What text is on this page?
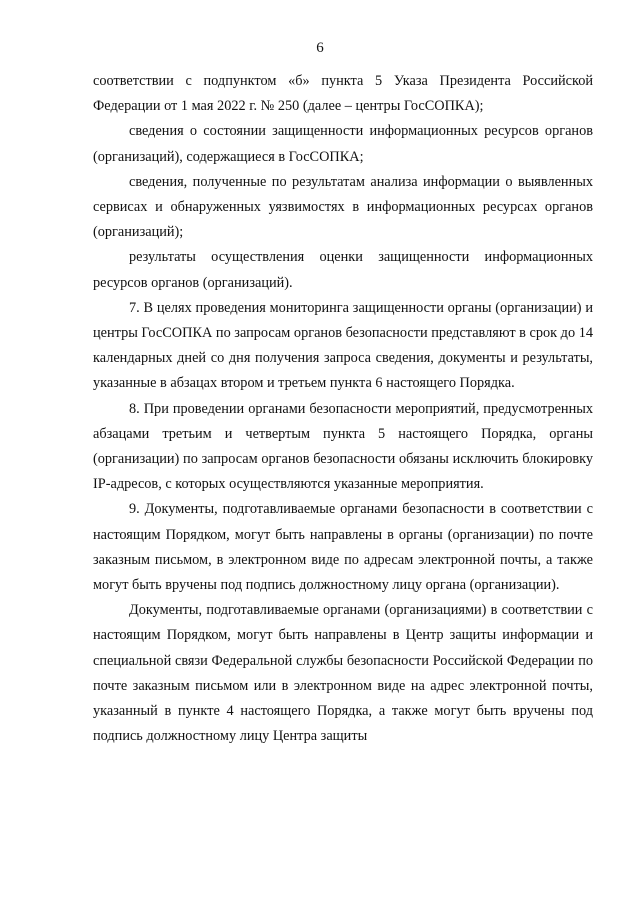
6

соответствии с подпунктом «б» пункта 5 Указа Президента Российской Федерации от 1 мая 2022 г. № 250 (далее – центры ГосСОПКА);

сведения о состоянии защищенности информационных ресурсов органов (организаций), содержащиеся в ГосСОПКА;

сведения, полученные по результатам анализа информации о выявленных сервисах и обнаруженных уязвимостях в информационных ресурсах органов (организаций);

результаты осуществления оценки защищенности информационных ресурсов органов (организаций).

7. В целях проведения мониторинга защищенности органы (организации) и центры ГосСОПКА по запросам органов безопасности представляют в срок до 14 календарных дней со дня получения запроса сведения, документы и результаты, указанные в абзацах втором и третьем пункта 6 настоящего Порядка.

8. При проведении органами безопасности мероприятий, предусмотренных абзацами третьим и четвертым пункта 5 настоящего Порядка, органы (организации) по запросам органов безопасности обязаны исключить блокировку IP-адресов, с которых осуществляются указанные мероприятия.

9. Документы, подготавливаемые органами безопасности в соответствии с настоящим Порядком, могут быть направлены в органы (организации) по почте заказным письмом, в электронном виде по адресам электронной почты, а также могут быть вручены под подпись должностному лицу органа (организации).

Документы, подготавливаемые органами (организациями) в соответствии с настоящим Порядком, могут быть направлены в Центр защиты информации и специальной связи Федеральной службы безопасности Российской Федерации по почте заказным письмом или в электронном виде на адрес электронной почты, указанный в пункте 4 настоящего Порядка, а также могут быть вручены под подпись должностному лицу Центра защиты
